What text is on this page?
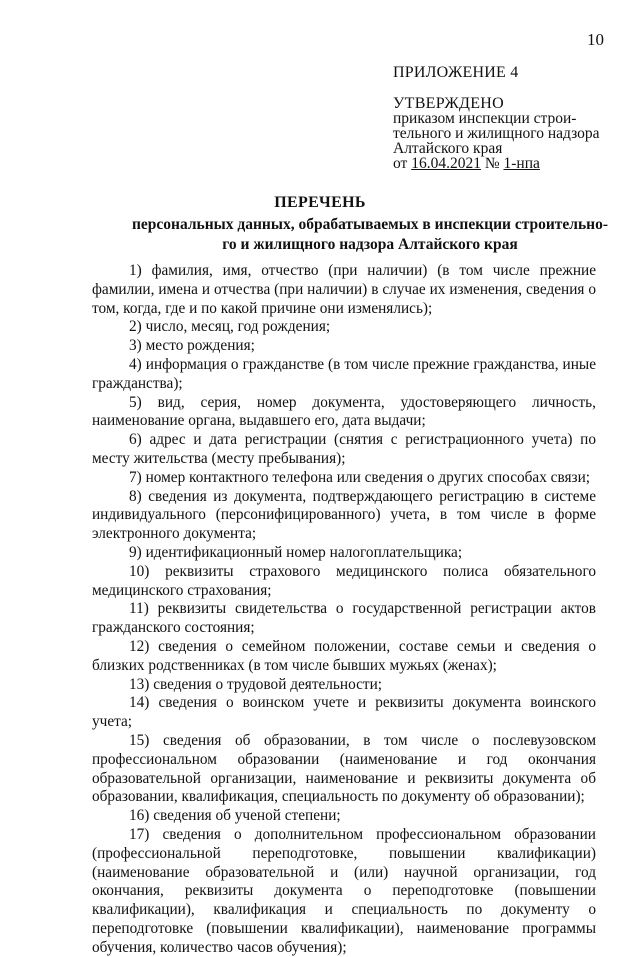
10
ПРИЛОЖЕНИЕ 4
УТВЕРЖДЕНО
приказом инспекции строи-
тельного и жилищного надзора
Алтайского края
от 16.04.2021 № 1-нпа
ПЕРЕЧЕНЬ
персональных данных, обрабатываемых в инспекции строительно-го и жилищного надзора Алтайского края

1) фамилия, имя, отчество (при наличии) (в том числе прежние фамилии, имена и отчества (при наличии) в случае их изменения, сведения о том, когда, где и по какой причине они изменялись);

2) число, месяц, год рождения;

3) место рождения;

4) информация о гражданстве (в том числе прежние гражданства, иные гражданства);

5) вид, серия, номер документа, удостоверяющего личность, наименование органа, выдавшего его, дата выдачи;

6) адрес и дата регистрации (снятия с регистрационного учета) по месту жительства (месту пребывания);

7) номер контактного телефона или сведения о других способах связи;

8) сведения из документа, подтверждающего регистрацию в системе индивидуального (персонифицированного) учета, в том числе в форме электронного документа;

9) идентификационный номер налогоплательщика;

10) реквизиты страхового медицинского полиса обязательного медицинского страхования;

11) реквизиты свидетельства о государственной регистрации актов гражданского состояния;

12) сведения о семейном положении, составе семьи и сведения о близких родственниках (в том числе бывших мужьях (женах);

13) сведения о трудовой деятельности;

14) сведения о воинском учете и реквизиты документа воинского учета;

15) сведения об образовании, в том числе о послевузовском профессиональном образовании (наименование и год окончания образовательной организации, наименование и реквизиты документа об образовании, квалификация, специальность по документу об образовании);

16) сведения об ученой степени;

17) сведения о дополнительном профессиональном образовании (профессиональной переподготовке, повышении квалификации) (наименование образовательной и (или) научной организации, год окончания, реквизиты документа о переподготовке (повышении квалификации), квалификация и специальность по документу о переподготовке (повышении квалификации), наименование программы обучения, количество часов обучения);
